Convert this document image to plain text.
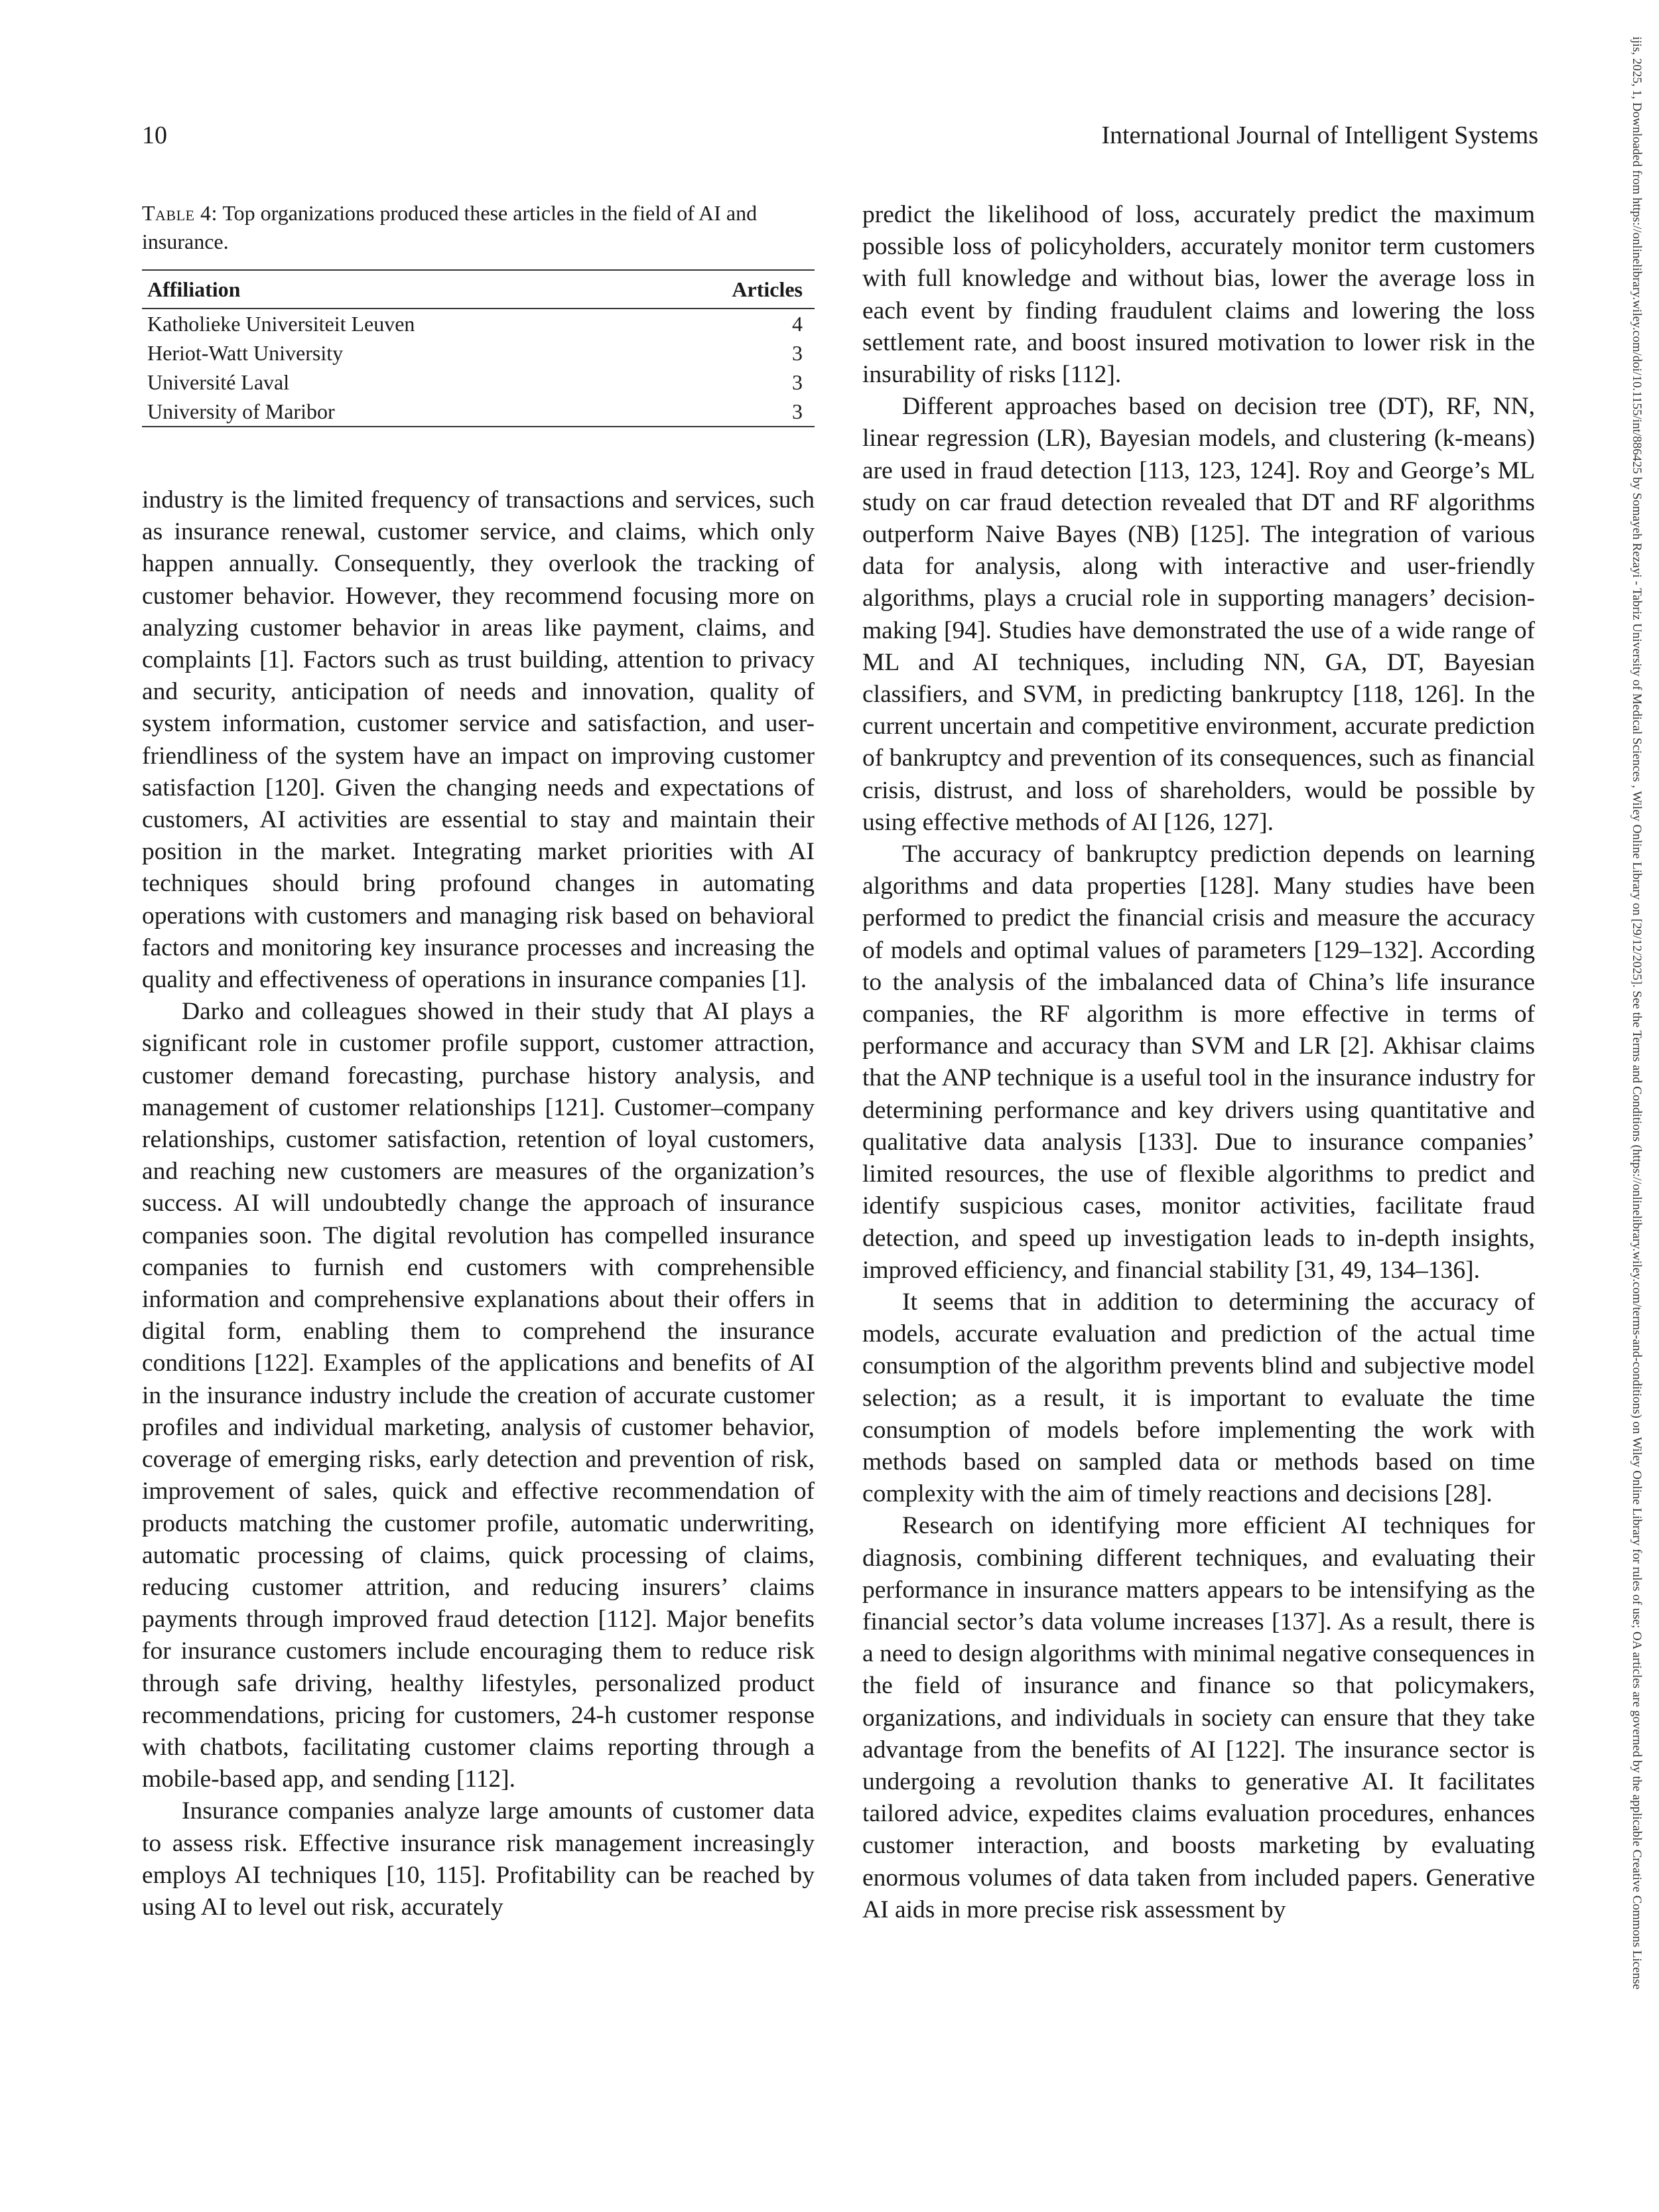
10	International Journal of Intelligent Systems

Table 4: Top organizations produced these articles in the field of AI and insurance.

Affiliation	Articles
Katholieke Universiteit Leuven	4
Heriot-Watt University	3
Université Laval	3
University of Maribor	3

industry is the limited frequency of transactions and services, such as insurance renewal, customer service, and claims, which only happen annually. Consequently, they overlook the tracking of customer behavior. However, they recommend focusing more on analyzing customer behavior in areas like payment, claims, and complaints [1]. Factors such as trust building, attention to privacy and security, anticipation of needs and innovation, quality of system information, customer service and satisfaction, and user-friendliness of the system have an impact on improving customer satisfaction [120]. Given the changing needs and expectations of customers, AI activities are essential to stay and maintain their position in the market. Integrating market priorities with AI techniques should bring profound changes in automating operations with customers and managing risk based on behavioral factors and monitoring key insurance processes and increasing the quality and effectiveness of operations in insurance companies [1].

Darko and colleagues showed in their study that AI plays a significant role in customer profile support, customer attraction, customer demand forecasting, purchase history analysis, and management of customer relationships [121]. Customer–company relationships, customer satisfaction, retention of loyal customers, and reaching new customers are measures of the organization’s success. AI will undoubtedly change the approach of insurance companies soon. The digital revolution has compelled insurance companies to furnish end customers with comprehensible information and comprehensive explanations about their offers in digital form, enabling them to comprehend the insurance conditions [122]. Examples of the applications and benefits of AI in the insurance industry include the creation of accurate customer profiles and individual marketing, analysis of customer behavior, coverage of emerging risks, early detection and prevention of risk, improvement of sales, quick and effective recommendation of products matching the customer profile, automatic underwriting, automatic processing of claims, quick processing of claims, reducing customer attrition, and reducing insurers’ claims payments through improved fraud detection [112]. Major benefits for insurance customers include encouraging them to reduce risk through safe driving, healthy lifestyles, personalized product recommendations, pricing for customers, 24-h customer response with chatbots, facilitating customer claims reporting through a mobile-based app, and sending [112].

Insurance companies analyze large amounts of customer data to assess risk. Effective insurance risk management increasingly employs AI techniques [10, 115]. Profitability can be reached by using AI to level out risk, accurately

predict the likelihood of loss, accurately predict the maximum possible loss of policyholders, accurately monitor term customers with full knowledge and without bias, lower the average loss in each event by finding fraudulent claims and lowering the loss settlement rate, and boost insured motivation to lower risk in the insurability of risks [112].

Different approaches based on decision tree (DT), RF, NN, linear regression (LR), Bayesian models, and clustering (k-means) are used in fraud detection [113, 123, 124]. Roy and George’s ML study on car fraud detection revealed that DT and RF algorithms outperform Naive Bayes (NB) [125]. The integration of various data for analysis, along with interactive and user-friendly algorithms, plays a crucial role in supporting managers’ decision-making [94]. Studies have demonstrated the use of a wide range of ML and AI techniques, including NN, GA, DT, Bayesian classifiers, and SVM, in predicting bankruptcy [118, 126]. In the current uncertain and competitive environment, accurate prediction of bankruptcy and prevention of its consequences, such as financial crisis, distrust, and loss of shareholders, would be possible by using effective methods of AI [126, 127].

The accuracy of bankruptcy prediction depends on learning algorithms and data properties [128]. Many studies have been performed to predict the financial crisis and measure the accuracy of models and optimal values of parameters [129–132]. According to the analysis of the imbalanced data of China’s life insurance companies, the RF algorithm is more effective in terms of performance and accuracy than SVM and LR [2]. Akhisar claims that the ANP technique is a useful tool in the insurance industry for determining performance and key drivers using quantitative and qualitative data analysis [133]. Due to insurance companies’ limited resources, the use of flexible algorithms to predict and identify suspicious cases, monitor activities, facilitate fraud detection, and speed up investigation leads to in-depth insights, improved efficiency, and financial stability [31, 49, 134–136].

It seems that in addition to determining the accuracy of models, accurate evaluation and prediction of the actual time consumption of the algorithm prevents blind and subjective model selection; as a result, it is important to evaluate the time consumption of models before implementing the work with methods based on sampled data or methods based on time complexity with the aim of timely reactions and decisions [28].

Research on identifying more efficient AI techniques for diagnosis, combining different techniques, and evaluating their performance in insurance matters appears to be intensifying as the financial sector’s data volume increases [137]. As a result, there is a need to design algorithms with minimal negative consequences in the field of insurance and finance so that policymakers, organizations, and individuals in society can ensure that they take advantage from the benefits of AI [122]. The insurance sector is undergoing a revolution thanks to generative AI. It facilitates tailored advice, expedites claims evaluation procedures, enhances customer interaction, and boosts marketing by evaluating enormous volumes of data taken from included papers. Generative AI aids in more precise risk assessment by	ijis, 2025, 1, Downloaded from https://onlinelibrary.wiley.com/doi/10.1155/int/886425 by Somayeh Rezayi - Tabriz University of Medical Sciences , Wiley Online Library on [29/12/2025]. See the Terms and Conditions (https://onlinelibrary.wiley.com/terms-and-conditions) on Wiley Online Library for rules of use; OA articles are governed by the applicable Creative Commons License
